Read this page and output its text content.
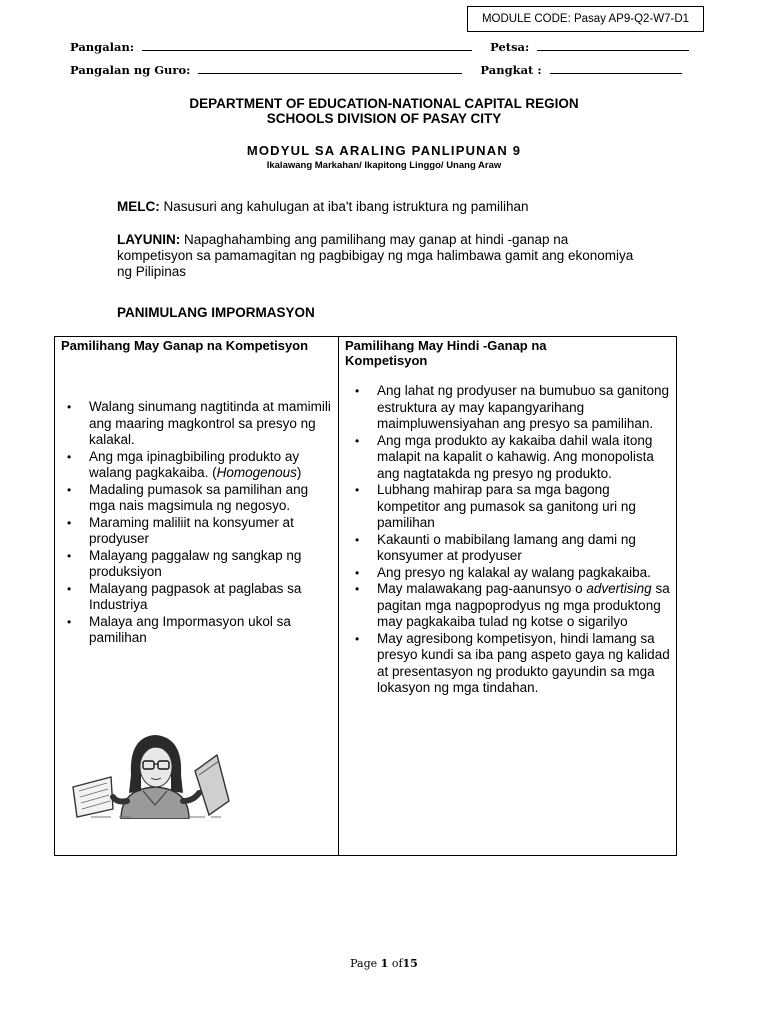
MODULE CODE: Pasay AP9-Q2-W7-D1
Pangalan:	Petsa:
Pangalan ng Guro:	Pangkat :
DEPARTMENT OF EDUCATION-NATIONAL CAPITAL REGION
SCHOOLS DIVISION OF PASAY CITY
MODYUL SA ARALING PANLIPUNAN 9
Ikalawang Markahan/ Ikapitong Linggo/ Unang Araw
MELC: Nasusuri ang kahulugan at iba't ibang istruktura ng pamilihan
LAYUNIN: Napaghahambing ang pamilihang may ganap at hindi -ganap na kompetisyon sa pamamagitan ng pagbibigay ng mga halimbawa gamit ang ekonomiya ng Pilipinas
PANIMULANG IMPORMASYON
Pamilihang May Ganap na Kompetisyon
• Walang sinumang nagtitinda at mamimili ang maaring magkontrol sa presyo ng kalakal.
• Ang mga ipinagbibiling produkto ay walang pagkakaiba. (Homogenous)
• Madaling pumasok sa pamilihan ang mga nais magsimula ng negosyo.
• Maraming maliliit na konsyumer at prodyuser
• Malayang paggalaw ng sangkap ng produksiyon
• Malayang pagpasok at paglabas sa Industriya
• Malaya ang Impormasyon ukol sa pamilihan
Pamilihang May Hindi -Ganap na Kompetisyon
• Ang lahat ng prodyuser na bumubuo sa ganitong estruktura ay may kapangyarihang maimpluwensiyahan ang presyo sa pamilihan.
• Ang mga produkto ay kakaiba dahil wala itong malapit na kapalit o kahawig. Ang monopolista ang nagtatakda ng presyo ng produkto.
• Lubhang mahirap para sa mga bagong kompetitor ang pumasok sa ganitong uri ng pamilihan
• Kakaunti o mabibilang lamang ang dami ng konsyumer at prodyuser
• Ang presyo ng kalakal ay walang pagkakaiba.
• May malawakang pag-aanunsyo o advertising sa pagitan mga nagpoprodyus ng mga produktong may pagkakaiba tulad ng kotse o sigarilyo
• May agresibong kompetisyon, hindi lamang sa presyo kundi sa iba pang aspeto gaya ng kalidad at presentasyon ng produkto gayundin sa mga lokasyon ng mga tindahan.
Page 1 of15
